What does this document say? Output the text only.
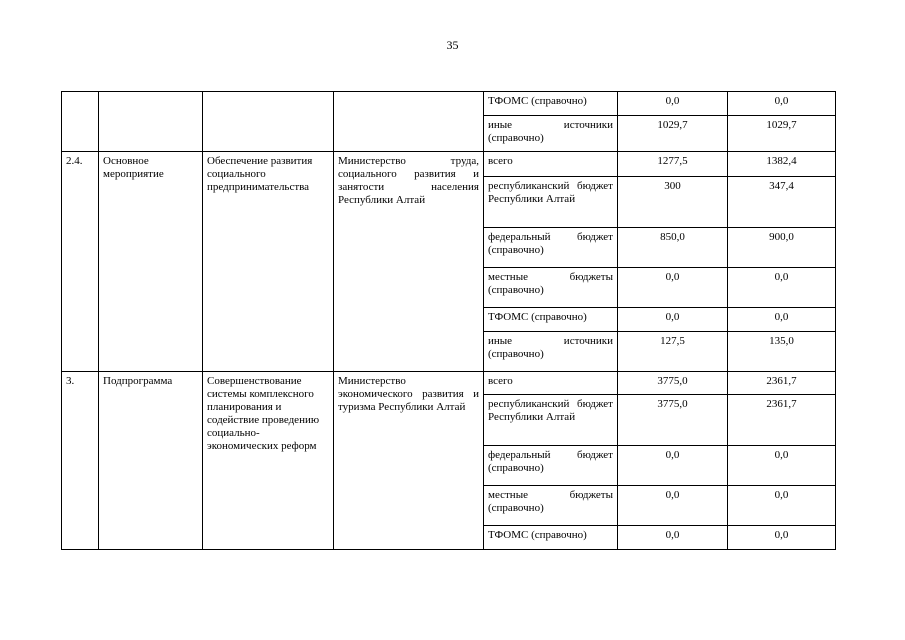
35
				ТФОМС (справочно)	0,0	0,0
				иные источники (справочно)	1029,7	1029,7
2.4.	Основное мероприятие	Обеспечение развития социального предпринимательства	Министерство труда, социального развития и занятости населения Республики Алтай	всего	1277,5	1382,4
				республиканский бюджет Республики Алтай	300	347,4
				федеральный бюджет (справочно)	850,0	900,0
				местные бюджеты (справочно)	0,0	0,0
				ТФОМС (справочно)	0,0	0,0
				иные источники (справочно)	127,5	135,0
3.	Подпрограмма	Совершенствование системы комплексного планирования и содействие проведению социально-экономических реформ	Министерство экономического развития и туризма Республики Алтай	всего	3775,0	2361,7
				республиканский бюджет Республики Алтай	3775,0	2361,7
				федеральный бюджет (справочно)	0,0	0,0
				местные бюджеты (справочно)	0,0	0,0
				ТФОМС (справочно)	0,0	0,0
